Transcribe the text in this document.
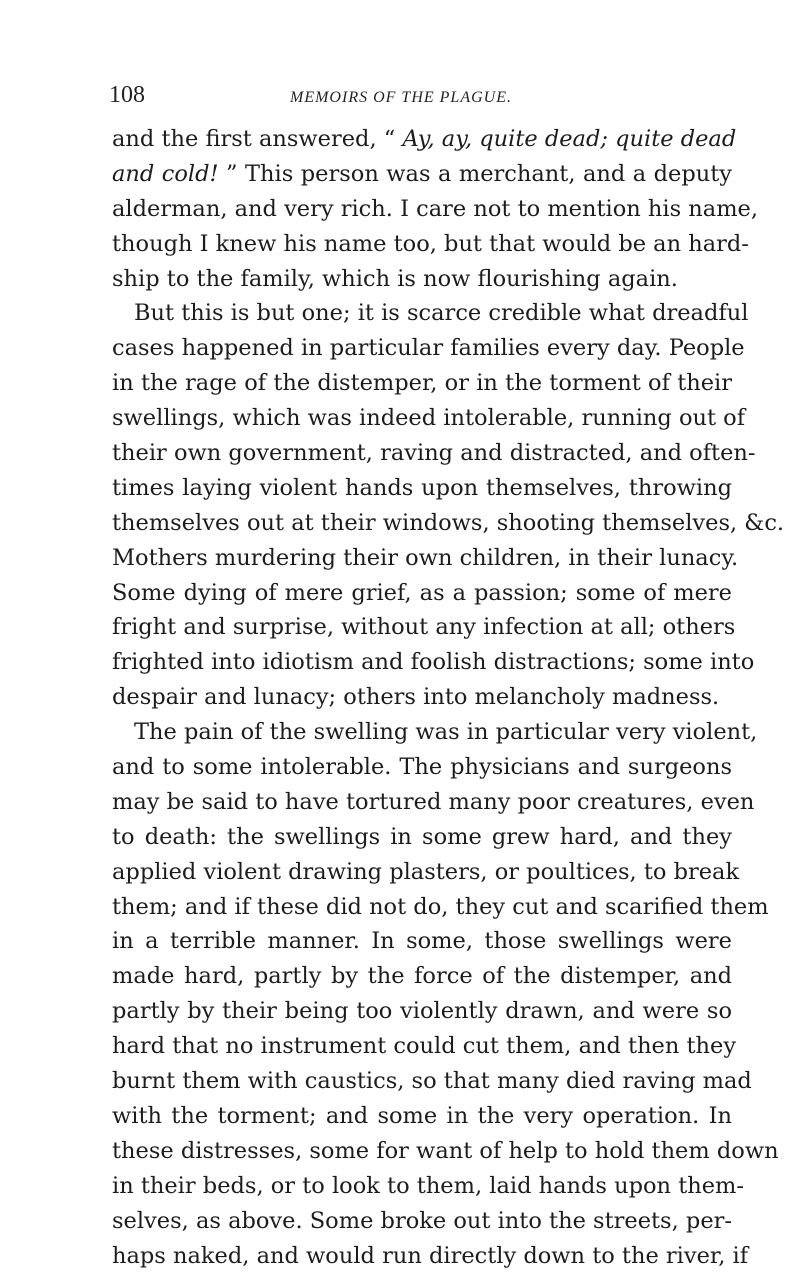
108	MEMOIRS OF THE PLAGUE.
and the first answered, “ Ay, ay, quite dead; quite dead
and cold! ” This person was a merchant, and a deputy
alderman, and very rich. I care not to mention his name,
though I knew his name too, but that would be an hard-
ship to the family, which is now flourishing again.
But this is but one; it is scarce credible what dreadful
cases happened in particular families every day. People
in the rage of the distemper, or in the torment of their
swellings, which was indeed intolerable, running out of
their own government, raving and distracted, and often-
times laying violent hands upon themselves, throwing
themselves out at their windows, shooting themselves, &c.
Mothers murdering their own children, in their lunacy.
Some dying of mere grief, as a passion; some of mere
fright and surprise, without any infection at all; others
frighted into idiotism and foolish distractions; some into
despair and lunacy; others into melancholy madness.
The pain of the swelling was in particular very violent,
and to some intolerable. The physicians and surgeons
may be said to have tortured many poor creatures, even
to death: the swellings in some grew hard, and they
applied violent drawing plasters, or poultices, to break
them; and if these did not do, they cut and scarified them
in a terrible manner. In some, those swellings were
made hard, partly by the force of the distemper, and
partly by their being too violently drawn, and were so
hard that no instrument could cut them, and then they
burnt them with caustics, so that many died raving mad
with the torment; and some in the very operation. In
these distresses, some for want of help to hold them down
in their beds, or to look to them, laid hands upon them-
selves, as above. Some broke out into the streets, per-
haps naked, and would run directly down to the river, if
